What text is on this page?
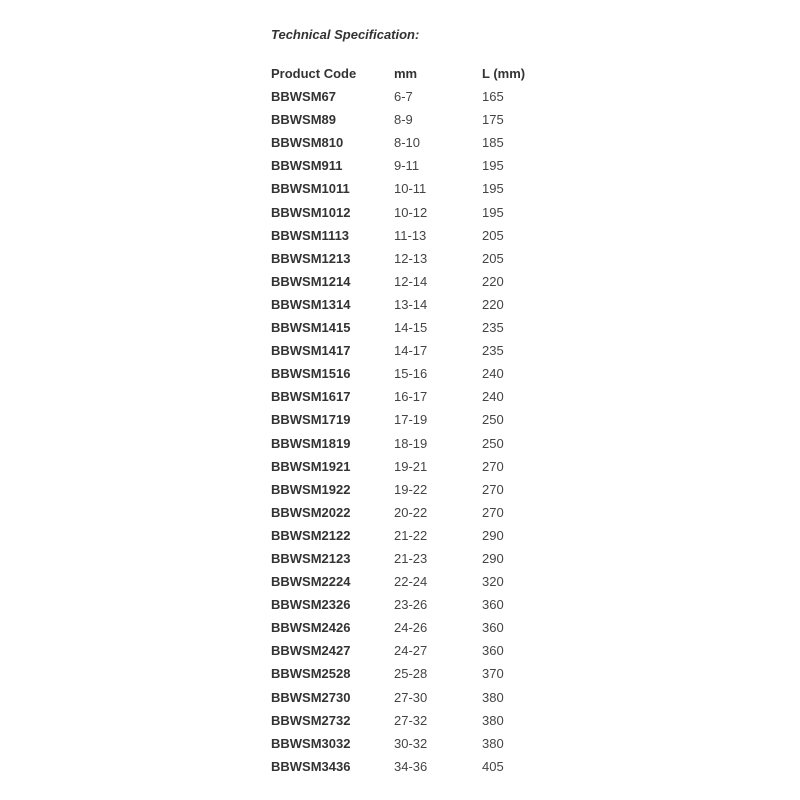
Technical Specification:

Product Code	mm	L (mm)
BBWSM67	6-7	165
BBWSM89	8-9	175
BBWSM810	8-10	185
BBWSM911	9-11	195
BBWSM1011	10-11	195
BBWSM1012	10-12	195
BBWSM1113	11-13	205
BBWSM1213	12-13	205
BBWSM1214	12-14	220
BBWSM1314	13-14	220
BBWSM1415	14-15	235
BBWSM1417	14-17	235
BBWSM1516	15-16	240
BBWSM1617	16-17	240
BBWSM1719	17-19	250
BBWSM1819	18-19	250
BBWSM1921	19-21	270
BBWSM1922	19-22	270
BBWSM2022	20-22	270
BBWSM2122	21-22	290
BBWSM2123	21-23	290
BBWSM2224	22-24	320
BBWSM2326	23-26	360
BBWSM2426	24-26	360
BBWSM2427	24-27	360
BBWSM2528	25-28	370
BBWSM2730	27-30	380
BBWSM2732	27-32	380
BBWSM3032	30-32	380
BBWSM3436	34-36	405
